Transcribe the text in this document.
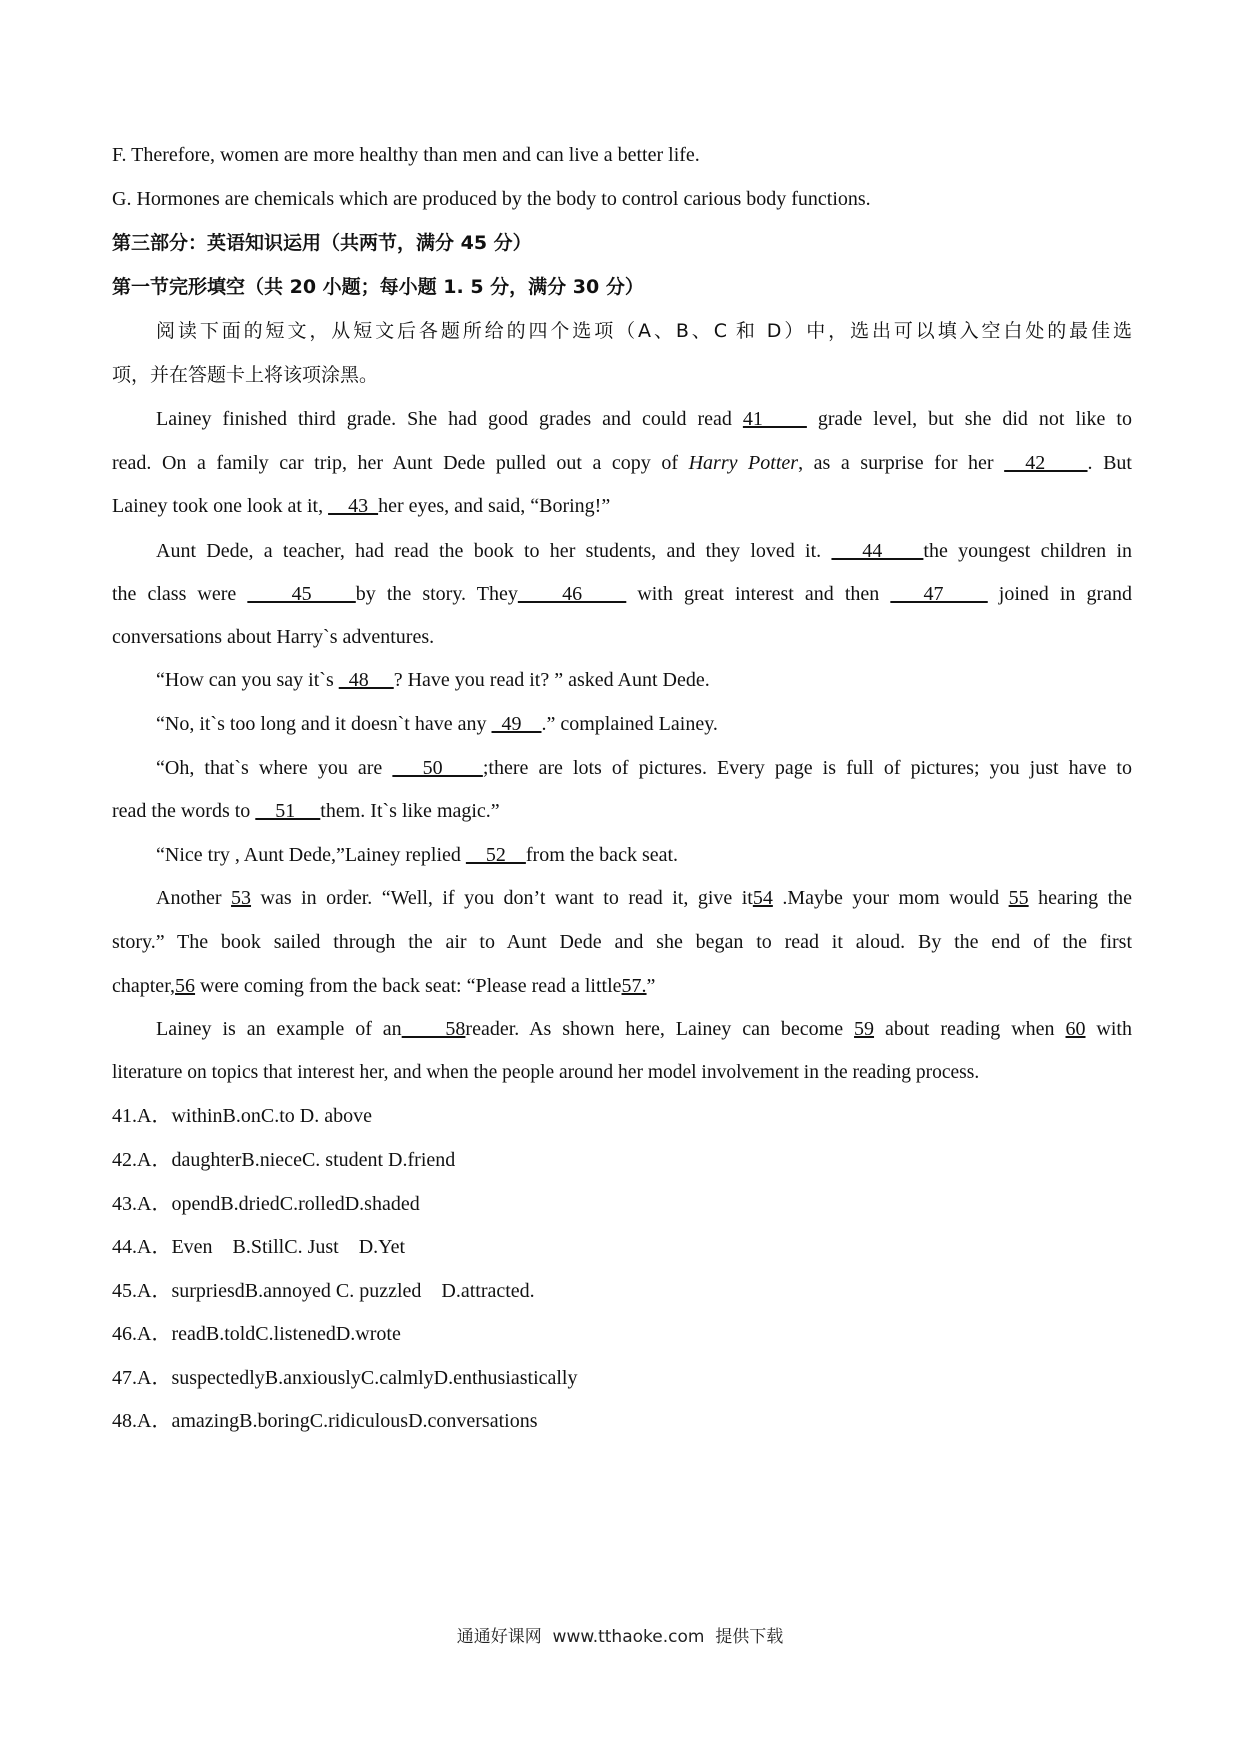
F. Therefore, women are more healthy than men and can live a better life.
G. Hormones are chemicals which are produced by the body to control carious body functions.
第三部分：英语知识运用（共两节，满分 45 分）
第一节完形填空（共 20 小题；每小题 1. 5 分，满分 30 分）
阅读下面的短文，从短文后各题所给的四个选项（A、B、C 和 D）中，选出可以填入空白处的最佳选
项，并在答题卡上将该项涂黑。
Lainey finished third grade. She had good grades and could read 41     grade level, but she did not like to
read. On a family car trip, her Aunt Dede pulled out a copy of Harry Potter, as a surprise for her   42    . But
Lainey took one look at it,     43  her eyes, and said, “Boring!”
Aunt Dede, a teacher, had read the book to her students, and they loved it.    44    the youngest children in
the class were     45    by the story. They    46     with great interest and then    47     joined in grand
conversations about Harry`s adventures.
“How can you say it`s   48     ? Have you read it? ” asked Aunt Dede.
“No, it`s too long and it doesn`t have any   49    .” complained Lainey.
“Oh, that`s where you are    50    ;there are lots of pictures. Every page is full of pictures; you just have to
read the words to     51     them. It`s like magic.”
“Nice try , Aunt Dede,”Lainey replied     52    from the back seat.
Another 53 was in order. “Well, if you don’t want to read it, give it54 .Maybe your mom would 55 hearing the
story.” The book sailed through the air to Aunt Dede and she began to read it aloud. By the end of the first
chapter,56 were coming from the back seat: “Please read a little57.”
Lainey is an example of an    58reader. As shown here, Lainey can become 59 about reading when 60 with
literature on topics that interest her, and when the people around her model involvement in the reading process.
41.A．withinB.onC.to D. above
42.A．daughterB.nieceC. student D.friend
43.A．opendB.driedC.rolledD.shaded
44.A．Even    B.StillC. Just    D.Yet
45.A．surpriesdB.annoyed C. puzzled    D.attracted.
46.A．readB.toldC.listenedD.wrote
47.A．suspectedlyB.anxiouslyC.calmlyD.enthusiastically
48.A．amazingB.boringC.ridiculousD.conversations
通通好课网  www.tthaoke.com  提供下载
